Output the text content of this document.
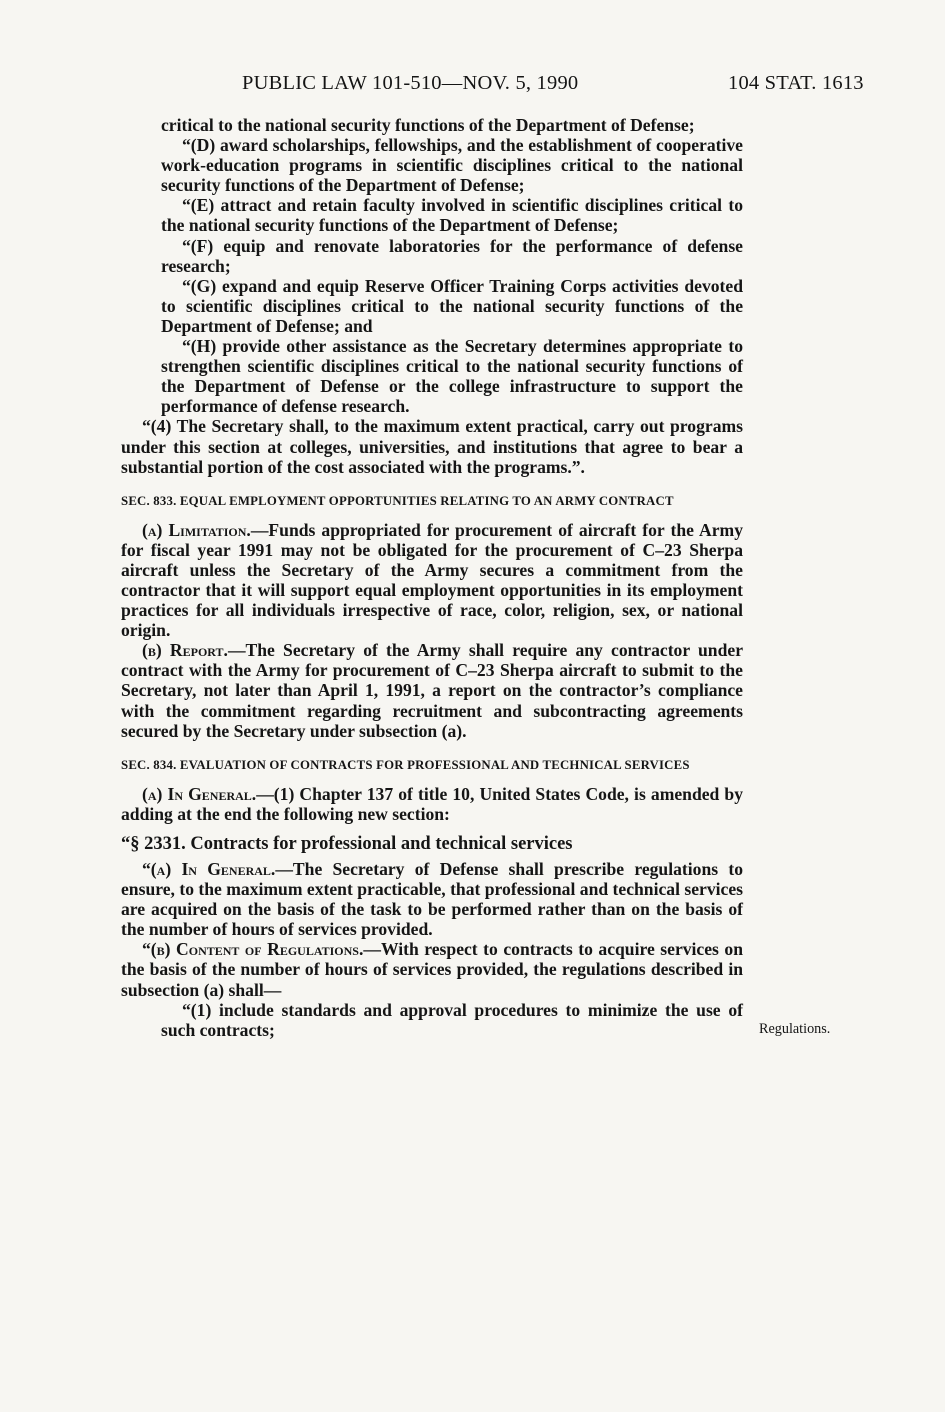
PUBLIC LAW 101-510—NOV. 5, 1990	104 STAT. 1613

critical to the national security functions of the Department of Defense;

“(D) award scholarships, fellowships, and the establishment of cooperative work-education programs in scientific disciplines critical to the national security functions of the Department of Defense;

“(E) attract and retain faculty involved in scientific disciplines critical to the national security functions of the Department of Defense;

“(F) equip and renovate laboratories for the performance of defense research;

“(G) expand and equip Reserve Officer Training Corps activities devoted to scientific disciplines critical to the national security functions of the Department of Defense; and

“(H) provide other assistance as the Secretary determines appropriate to strengthen scientific disciplines critical to the national security functions of the Department of Defense or the college infrastructure to support the performance of defense research.

“(4) The Secretary shall, to the maximum extent practical, carry out programs under this section at colleges, universities, and institutions that agree to bear a substantial portion of the cost associated with the programs.”.

SEC. 833. EQUAL EMPLOYMENT OPPORTUNITIES RELATING TO AN ARMY CONTRACT

(a) Limitation.—Funds appropriated for procurement of aircraft for the Army for fiscal year 1991 may not be obligated for the procurement of C–23 Sherpa aircraft unless the Secretary of the Army secures a commitment from the contractor that it will support equal employment opportunities in its employment practices for all individuals irrespective of race, color, religion, sex, or national origin.

(b) Report.—The Secretary of the Army shall require any contractor under contract with the Army for procurement of C–23 Sherpa aircraft to submit to the Secretary, not later than April 1, 1991, a report on the contractor’s compliance with the commitment regarding recruitment and subcontracting agreements secured by the Secretary under subsection (a).

SEC. 834. EVALUATION OF CONTRACTS FOR PROFESSIONAL AND TECHNICAL SERVICES

(a) In General.—(1) Chapter 137 of title 10, United States Code, is amended by adding at the end the following new section:

“§ 2331. Contracts for professional and technical services

“(a) In General.—The Secretary of Defense shall prescribe regulations to ensure, to the maximum extent practicable, that professional and technical services are acquired on the basis of the task to be performed rather than on the basis of the number of hours of services provided.

“(b) Content of Regulations.—With respect to contracts to acquire services on the basis of the number of hours of services provided, the regulations described in subsection (a) shall—

“(1) include standards and approval procedures to minimize the use of such contracts;	Regulations.
